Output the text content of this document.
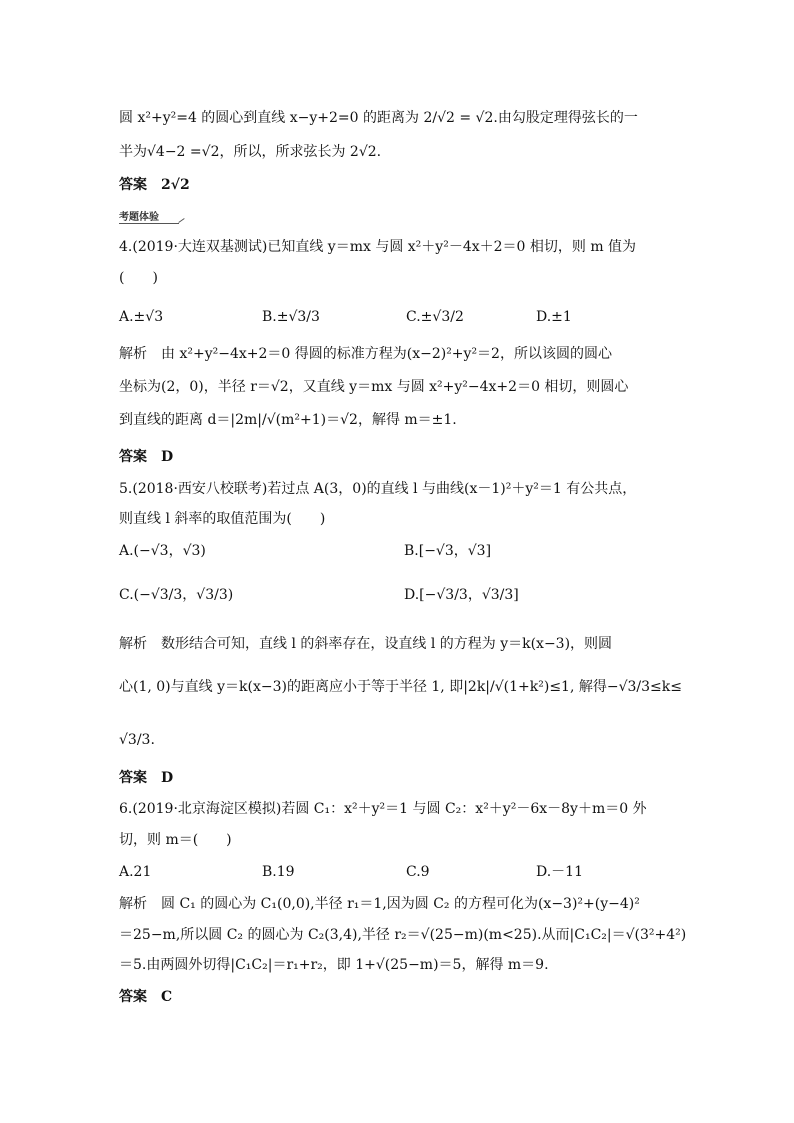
圆 x²+y²=4 的圆心到直线 x−y+2=0 的距离为 2/√2 = √2.由勾股定理得弦长的一
半为√4−2 =√2，所以，所求弦长为 2√2.
答案　2√2
考题体验
4.(2019·大连双基测试)已知直线 y＝mx 与圆 x²＋y²－4x＋2＝0 相切，则 m 值为
(　　)
A.±√3	B.±√3/3	C.±√3/2	D.±1
解析　由 x²+y²−4x+2＝0 得圆的标准方程为(x−2)²+y²＝2，所以该圆的圆心
坐标为(2，0)，半径 r＝√2，又直线 y＝mx 与圆 x²+y²−4x+2＝0 相切，则圆心
到直线的距离 d＝|2m|/√(m²+1)＝√2，解得 m＝±1.
答案　D
5.(2018·西安八校联考)若过点 A(3，0)的直线 l 与曲线(x－1)²＋y²＝1 有公共点，
则直线 l 斜率的取值范围为(　　)
A.(−√3，√3)	B.[−√3，√3]
C.(−√3/3，√3/3)	D.[−√3/3，√3/3]
解析　数形结合可知，直线 l 的斜率存在，设直线 l 的方程为 y＝k(x−3)，则圆
心(1, 0)与直线 y＝k(x−3)的距离应小于等于半径 1, 即|2k|/√(1+k²)≤1, 解得−√3/3≤k≤
√3/3.
答案　D
6.(2019·北京海淀区模拟)若圆 C₁：x²＋y²＝1 与圆 C₂：x²＋y²－6x－8y＋m＝0 外
切，则 m＝(　　)
A.21	B.19	C.9	D.－11
解析　圆 C₁ 的圆心为 C₁(0,0),半径 r₁＝1,因为圆 C₂ 的方程可化为(x−3)²+(y−4)²
＝25−m,所以圆 C₂ 的圆心为 C₂(3,4),半径 r₂＝√(25−m)(m<25).从而|C₁C₂|＝√(3²+4²)
＝5.由两圆外切得|C₁C₂|＝r₁+r₂，即 1+√(25−m)＝5，解得 m＝9.
答案　C
